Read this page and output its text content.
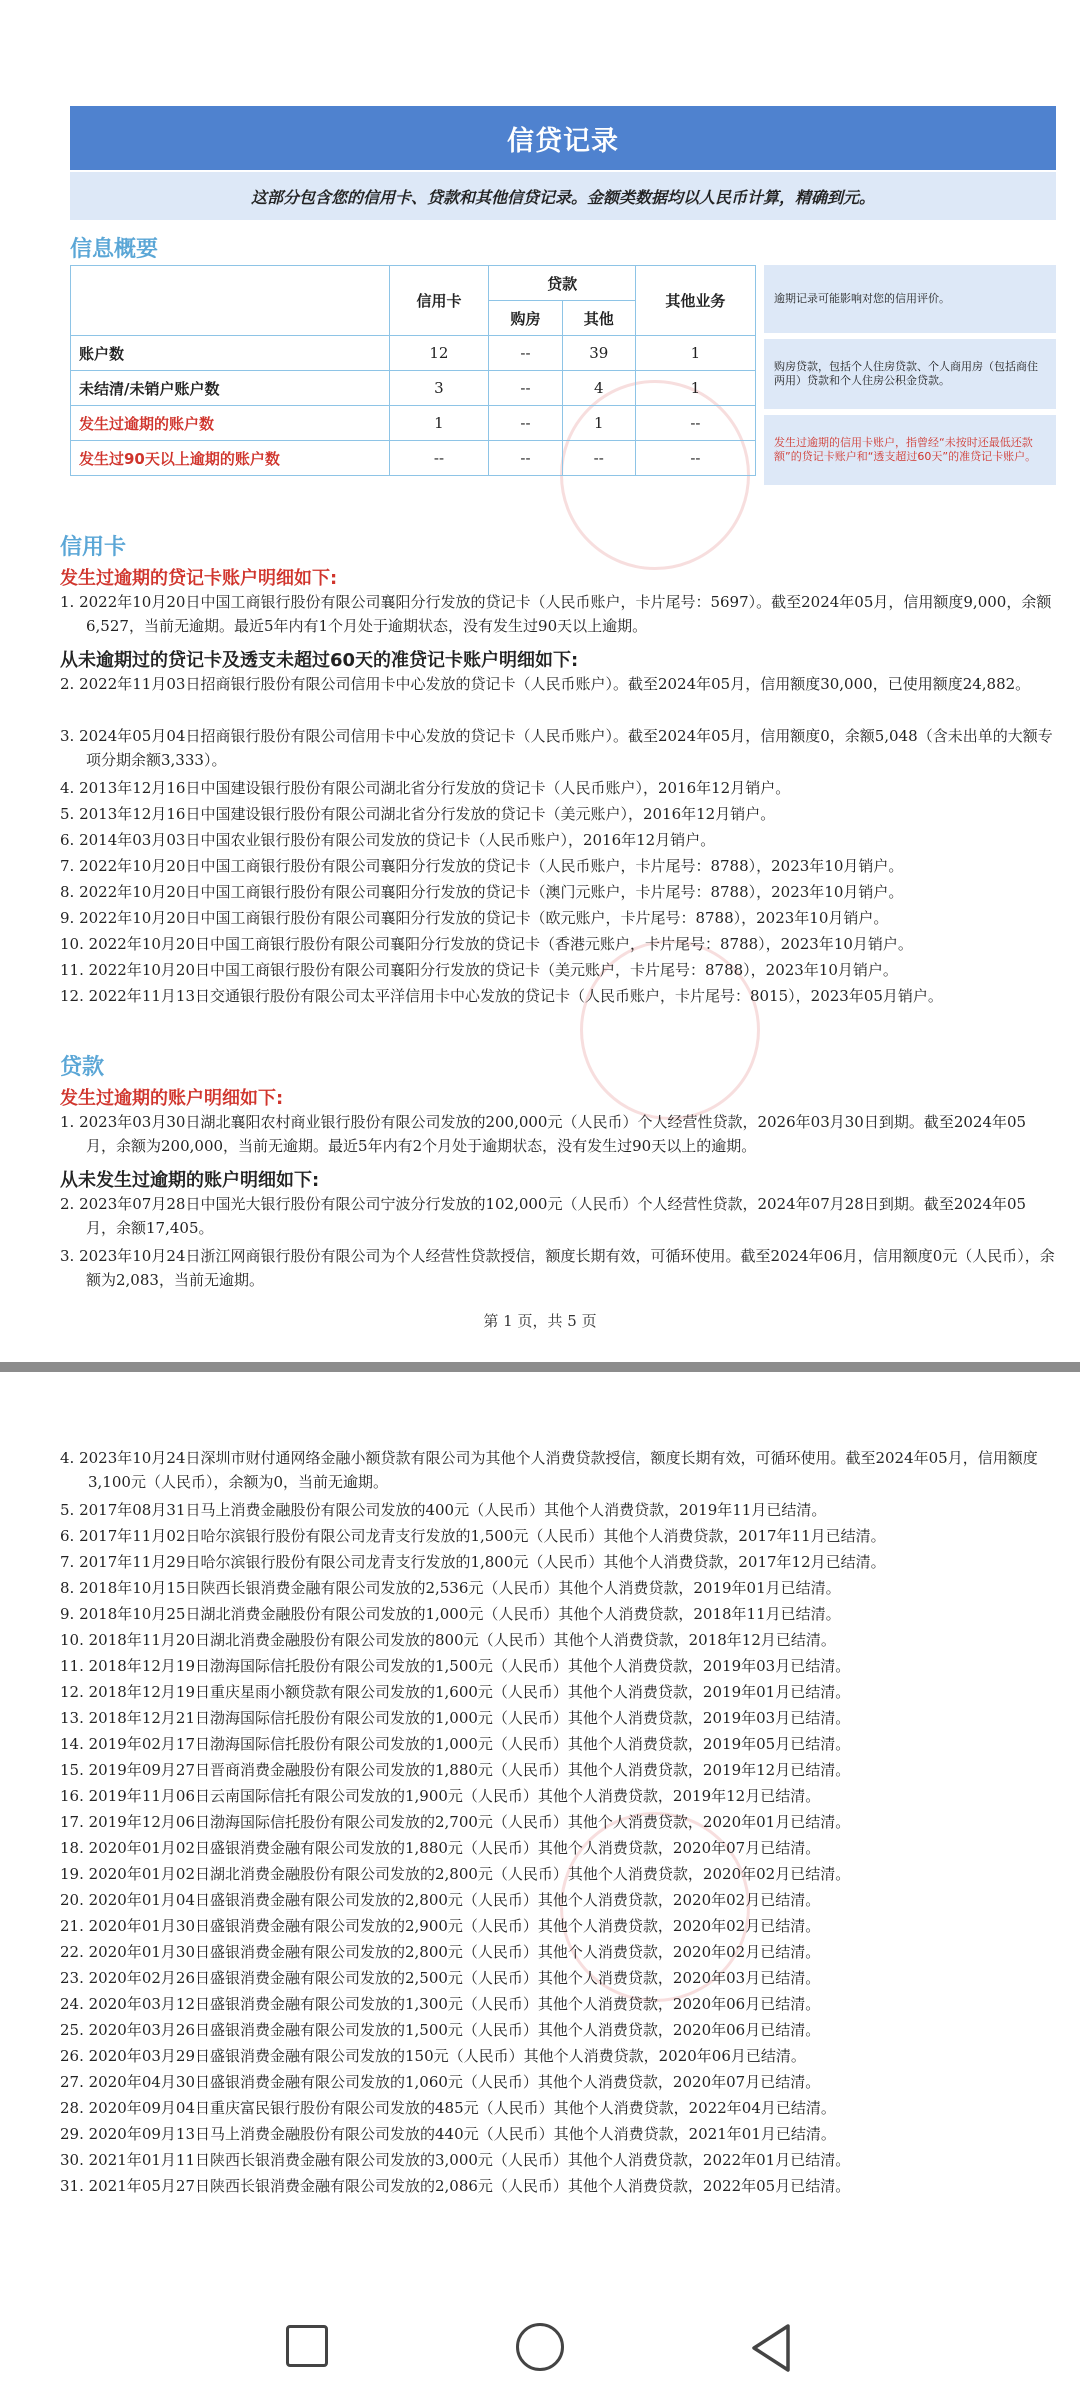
信贷记录
这部分包含您的信用卡、贷款和其他信贷记录。金额类数据均以人民币计算，精确到元。
信息概要
	信用卡	贷款		其他业务
		购房	其他	
账户数	12	--	39	1
未结清/未销户账户数	3	--	4	1
发生过逾期的账户数	1	--	1	--
发生过90天以上逾期的账户数	--	--	--	--
逾期记录可能影响对您的信用评价。
购房贷款，包括个人住房贷款、个人商用房（包括商住两用）贷款和个人住房公积金贷款。
发生过逾期的信用卡账户，指曾经“未按时还最低还款额”的贷记卡账户和“透支超过60天”的准贷记卡账户。
信用卡
发生过逾期的贷记卡账户明细如下:
1. 2022年10月20日中国工商银行股份有限公司襄阳分行发放的贷记卡（人民币账户，卡片尾号：5697）。截至2024年05月，信用额度9,000，余额6,527，当前无逾期。最近5年内有1个月处于逾期状态，没有发生过90天以上逾期。
从未逾期过的贷记卡及透支未超过60天的准贷记卡账户明细如下:
2. 2022年11月03日招商银行股份有限公司信用卡中心发放的贷记卡（人民币账户）。截至2024年05月，信用额度30,000，已使用额度24,882。
3. 2024年05月04日招商银行股份有限公司信用卡中心发放的贷记卡（人民币账户）。截至2024年05月，信用额度0，余额5,048（含未出单的大额专项分期余额3,333）。
4. 2013年12月16日中国建设银行股份有限公司湖北省分行发放的贷记卡（人民币账户），2016年12月销户。
5. 2013年12月16日中国建设银行股份有限公司湖北省分行发放的贷记卡（美元账户），2016年12月销户。
6. 2014年03月03日中国农业银行股份有限公司发放的贷记卡（人民币账户），2016年12月销户。
7. 2022年10月20日中国工商银行股份有限公司襄阳分行发放的贷记卡（人民币账户，卡片尾号：8788），2023年10月销户。
8. 2022年10月20日中国工商银行股份有限公司襄阳分行发放的贷记卡（澳门元账户，卡片尾号：8788），2023年10月销户。
9. 2022年10月20日中国工商银行股份有限公司襄阳分行发放的贷记卡（欧元账户，卡片尾号：8788），2023年10月销户。
10. 2022年10月20日中国工商银行股份有限公司襄阳分行发放的贷记卡（香港元账户，卡片尾号：8788），2023年10月销户。
11. 2022年10月20日中国工商银行股份有限公司襄阳分行发放的贷记卡（美元账户，卡片尾号：8788），2023年10月销户。
12. 2022年11月13日交通银行股份有限公司太平洋信用卡中心发放的贷记卡（人民币账户，卡片尾号：8015），2023年05月销户。
贷款
发生过逾期的账户明细如下:
1. 2023年03月30日湖北襄阳农村商业银行股份有限公司发放的200,000元（人民币）个人经营性贷款，2026年03月30日到期。截至2024年05月，余额为200,000，当前无逾期。最近5年内有2个月处于逾期状态，没有发生过90天以上的逾期。
从未发生过逾期的账户明细如下:
2. 2023年07月28日中国光大银行股份有限公司宁波分行发放的102,000元（人民币）个人经营性贷款，2024年07月28日到期。截至2024年05月，余额17,405。
3. 2023年10月24日浙江网商银行股份有限公司为个人经营性贷款授信，额度长期有效，可循环使用。截至2024年06月，信用额度0元（人民币），余额为2,083，当前无逾期。
第 1 页，共 5 页
4. 2023年10月24日深圳市财付通网络金融小额贷款有限公司为其他个人消费贷款授信，额度长期有效，可循环使用。截至2024年05月，信用额度3,100元（人民币），余额为0，当前无逾期。
5. 2017年08月31日马上消费金融股份有限公司发放的400元（人民币）其他个人消费贷款，2019年11月已结清。
6. 2017年11月02日哈尔滨银行股份有限公司龙青支行发放的1,500元（人民币）其他个人消费贷款，2017年11月已结清。
7. 2017年11月29日哈尔滨银行股份有限公司龙青支行发放的1,800元（人民币）其他个人消费贷款，2017年12月已结清。
8. 2018年10月15日陕西长银消费金融有限公司发放的2,536元（人民币）其他个人消费贷款，2019年01月已结清。
9. 2018年10月25日湖北消费金融股份有限公司发放的1,000元（人民币）其他个人消费贷款，2018年11月已结清。
10. 2018年11月20日湖北消费金融股份有限公司发放的800元（人民币）其他个人消费贷款，2018年12月已结清。
11. 2018年12月19日渤海国际信托股份有限公司发放的1,500元（人民币）其他个人消费贷款，2019年03月已结清。
12. 2018年12月19日重庆星雨小额贷款有限公司发放的1,600元（人民币）其他个人消费贷款，2019年01月已结清。
13. 2018年12月21日渤海国际信托股份有限公司发放的1,000元（人民币）其他个人消费贷款，2019年03月已结清。
14. 2019年02月17日渤海国际信托股份有限公司发放的1,000元（人民币）其他个人消费贷款，2019年05月已结清。
15. 2019年09月27日晋商消费金融股份有限公司发放的1,880元（人民币）其他个人消费贷款，2019年12月已结清。
16. 2019年11月06日云南国际信托有限公司发放的1,900元（人民币）其他个人消费贷款，2019年12月已结清。
17. 2019年12月06日渤海国际信托股份有限公司发放的2,700元（人民币）其他个人消费贷款，2020年01月已结清。
18. 2020年01月02日盛银消费金融有限公司发放的1,880元（人民币）其他个人消费贷款，2020年07月已结清。
19. 2020年01月02日湖北消费金融股份有限公司发放的2,800元（人民币）其他个人消费贷款，2020年02月已结清。
20. 2020年01月04日盛银消费金融有限公司发放的2,800元（人民币）其他个人消费贷款，2020年02月已结清。
21. 2020年01月30日盛银消费金融有限公司发放的2,900元（人民币）其他个人消费贷款，2020年02月已结清。
22. 2020年01月30日盛银消费金融有限公司发放的2,800元（人民币）其他个人消费贷款，2020年02月已结清。
23. 2020年02月26日盛银消费金融有限公司发放的2,500元（人民币）其他个人消费贷款，2020年03月已结清。
24. 2020年03月12日盛银消费金融有限公司发放的1,300元（人民币）其他个人消费贷款，2020年06月已结清。
25. 2020年03月26日盛银消费金融有限公司发放的1,500元（人民币）其他个人消费贷款，2020年06月已结清。
26. 2020年03月29日盛银消费金融有限公司发放的150元（人民币）其他个人消费贷款，2020年06月已结清。
27. 2020年04月30日盛银消费金融有限公司发放的1,060元（人民币）其他个人消费贷款，2020年07月已结清。
28. 2020年09月04日重庆富民银行股份有限公司发放的485元（人民币）其他个人消费贷款，2022年04月已结清。
29. 2020年09月13日马上消费金融股份有限公司发放的440元（人民币）其他个人消费贷款，2021年01月已结清。
30. 2021年01月11日陕西长银消费金融有限公司发放的3,000元（人民币）其他个人消费贷款，2022年01月已结清。
31. 2021年05月27日陕西长银消费金融有限公司发放的2,086元（人民币）其他个人消费贷款，2022年05月已结清。
